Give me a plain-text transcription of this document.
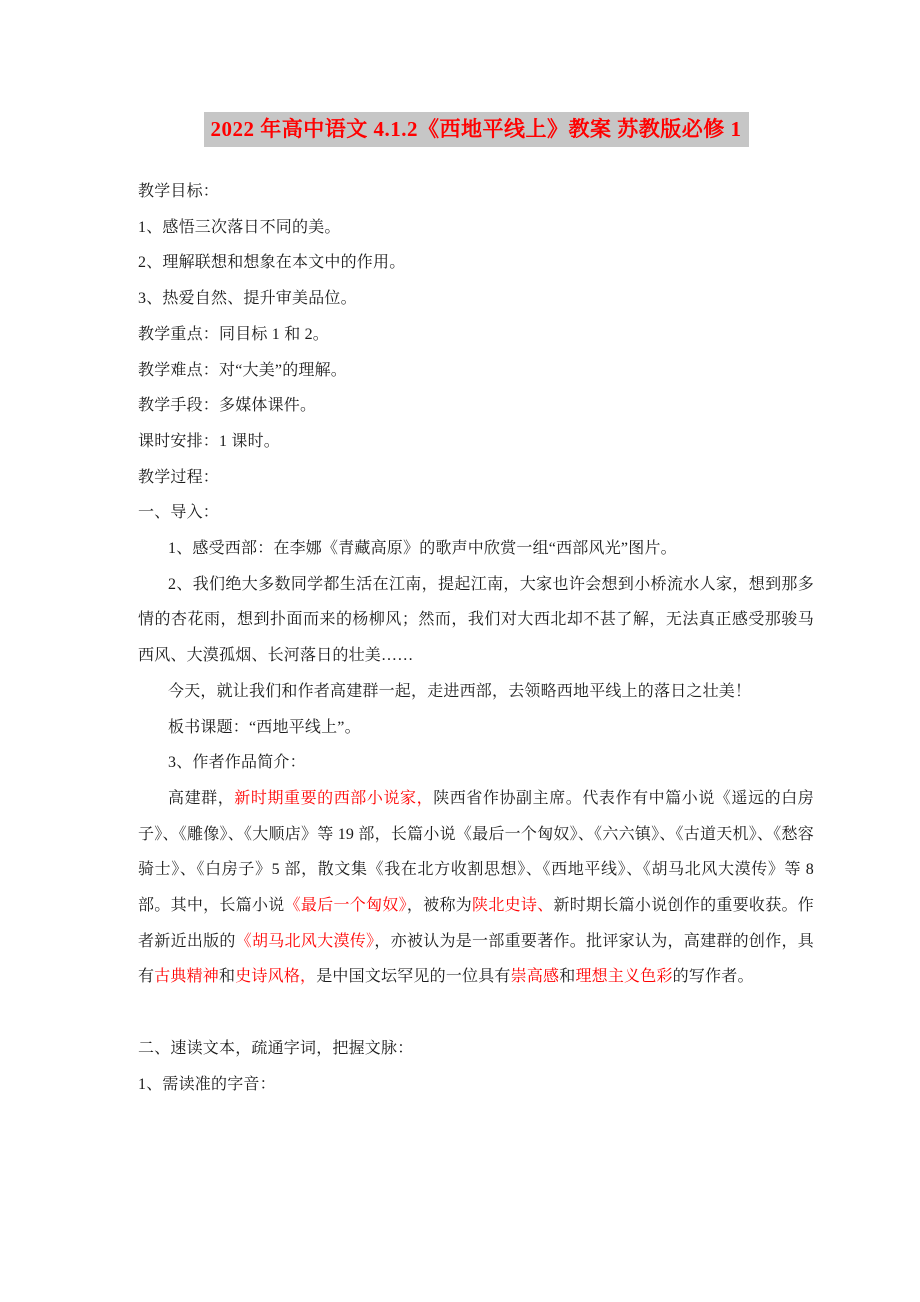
2022 年高中语文 4.1.2《西地平线上》教案 苏教版必修 1

教学目标：

1、感悟三次落日不同的美。

2、理解联想和想象在本文中的作用。

3、热爱自然、提升审美品位。

教学重点：同目标 1 和 2。

教学难点：对“大美”的理解。

教学手段：多媒体课件。

课时安排：1 课时。

教学过程：

一、导入：

1、感受西部：在李娜《青藏高原》的歌声中欣赏一组“西部风光”图片。

2、我们绝大多数同学都生活在江南，提起江南，大家也许会想到小桥流水人家，想到那多情的杏花雨，想到扑面而来的杨柳风；然而，我们对大西北却不甚了解，无法真正感受那骏马西风、大漠孤烟、长河落日的壮美……

今天，就让我们和作者高建群一起，走进西部，去领略西地平线上的落日之壮美！

板书课题：“西地平线上”。

3、作者作品简介：

高建群，新时期重要的西部小说家，陕西省作协副主席。代表作有中篇小说《遥远的白房子》、《雕像》、《大顺店》等 19 部，长篇小说《最后一个匈奴》、《六六镇》、《古道天机》、《愁容骑士》、《白房子》5 部，散文集《我在北方收割思想》、《西地平线》、《胡马北风大漠传》等 8 部。其中，长篇小说《最后一个匈奴》，被称为陕北史诗、新时期长篇小说创作的重要收获。作者新近出版的《胡马北风大漠传》，亦被认为是一部重要著作。批评家认为，高建群的创作，具有古典精神和史诗风格，是中国文坛罕见的一位具有崇高感和理想主义色彩的写作者。

二、速读文本，疏通字词，把握文脉：

1、需读准的字音：
